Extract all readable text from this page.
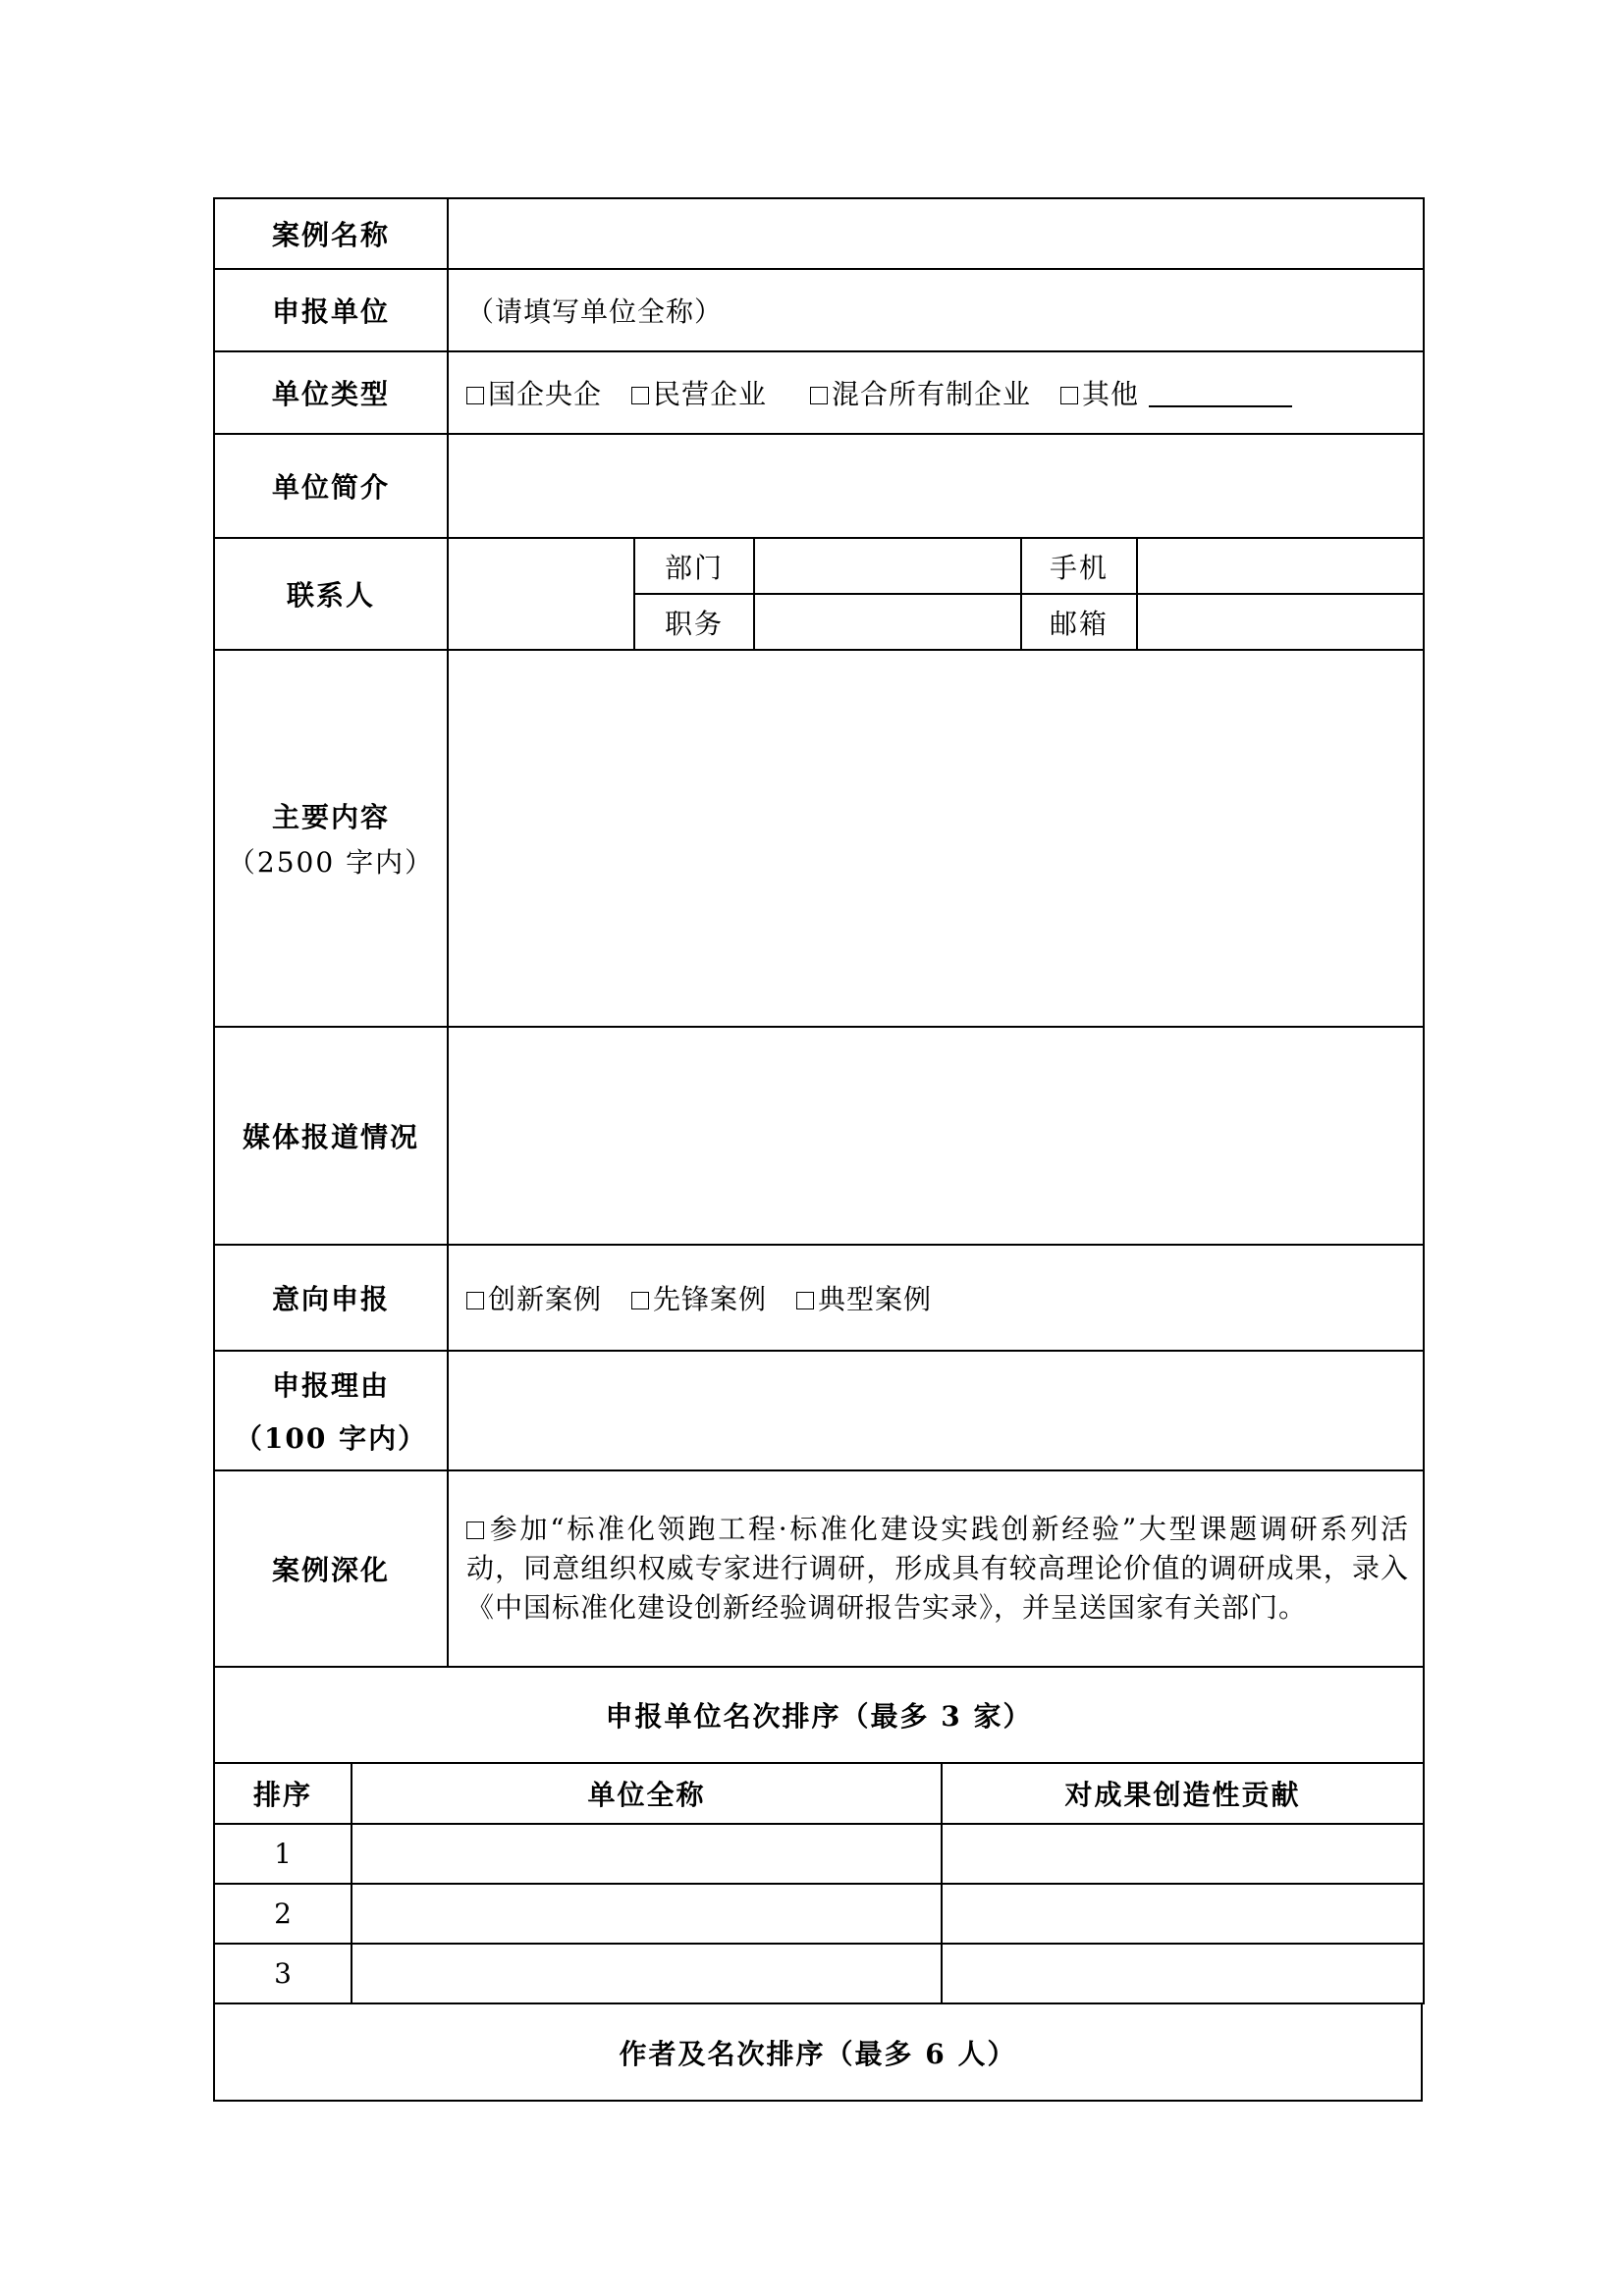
案例名称					
申报单位	（请填写单位全称）				
单位类型	国企央企 民营企业 混合所有制企业 其他				
单位简介					
联系人		部门		手机	
		职务		邮箱	

主要内容
（2500 字内）					

媒体报道情况					
意向申报	创新案例 先锋案例 典型案例				

申报理由
（100 字内）					

案例深化	参加“标准化领跑工程·标准化建设实践创新经验”大型课题调研系列活动，同意组织权威专家进行调研，形成具有较高理论价值的调研成果，录入《中国标准化建设创新经验调研报告实录》，并呈送国家有关部门。				
申报单位名次排序（最多 3 家）					
排序	单位全称	对成果创造性贡献
1		
2		
3		
作者及名次排序（最多 6 人）
